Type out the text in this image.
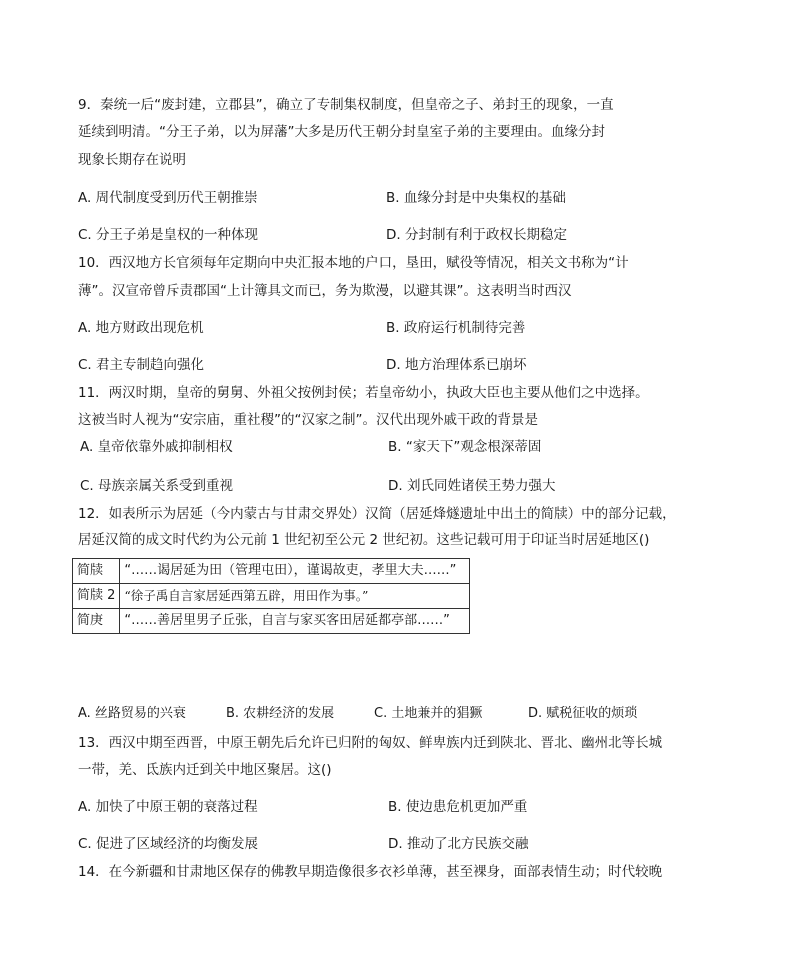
9．秦统一后“废封建，立郡县”，确立了专制集权制度，但皇帝之子、弟封王的现象，一直
延续到明清。“分王子弟，以为屏藩”大多是历代王朝分封皇室子弟的主要理由。血缘分封
现象长期存在说明
A. 周代制度受到历代王朝推崇	B. 血缘分封是中央集权的基础
C. 分王子弟是皇权的一种体现	D. 分封制有利于政权长期稳定
10．西汉地方长官须每年定期向中央汇报本地的户口，垦田，赋役等情况，相关文书称为“计
薄”。汉宣帝曾斥责郡国“上计簿具文而已，务为欺漫，以避其课”。这表明当时西汉
A. 地方财政出现危机	B. 政府运行机制待完善
C. 君主专制趋向强化	D. 地方治理体系已崩坏
11．两汉时期，皇帝的舅舅、外祖父按例封侯；若皇帝幼小，执政大臣也主要从他们之中选择。
这被当时人视为“安宗庙，重社稷”的“汉家之制”。汉代出现外戚干政的背景是
A. 皇帝依靠外戚抑制相权	B. “家天下”观念根深蒂固
C. 母族亲属关系受到重视	D. 刘氏同姓诸侯王势力强大
12．如表所示为居延（今内蒙古与甘肃交界处）汉简（居延烽燧遗址中出土的简牍）中的部分记载，
居延汉简的成文时代约为公元前 1 世纪初至公元 2 世纪初。这些记载可用于印证当时居延地区()
简牍	“……谒居延为田（管理屯田），谨谒故吏，孝里大夫……”
简牍 2	“徐子禹自言家居延西第五辟，用田作为事。”
简庚	“……善居里男子丘张，自言与家买客田居延都亭部……”
A. 丝路贸易的兴衰	B. 农耕经济的发展	C. 土地兼并的猖獗	D. 赋税征收的烦琐
13．西汉中期至西晋，中原王朝先后允许已归附的匈奴、鲜卑族内迁到陕北、晋北、幽州北等长城
一带，羌、氐族内迁到关中地区聚居。这()
A. 加快了中原王朝的衰落过程	B. 使边患危机更加严重
C. 促进了区域经济的均衡发展	D. 推动了北方民族交融
14．在今新疆和甘肃地区保存的佛教早期造像很多衣衫单薄，甚至裸身，面部表情生动；时代较晚
